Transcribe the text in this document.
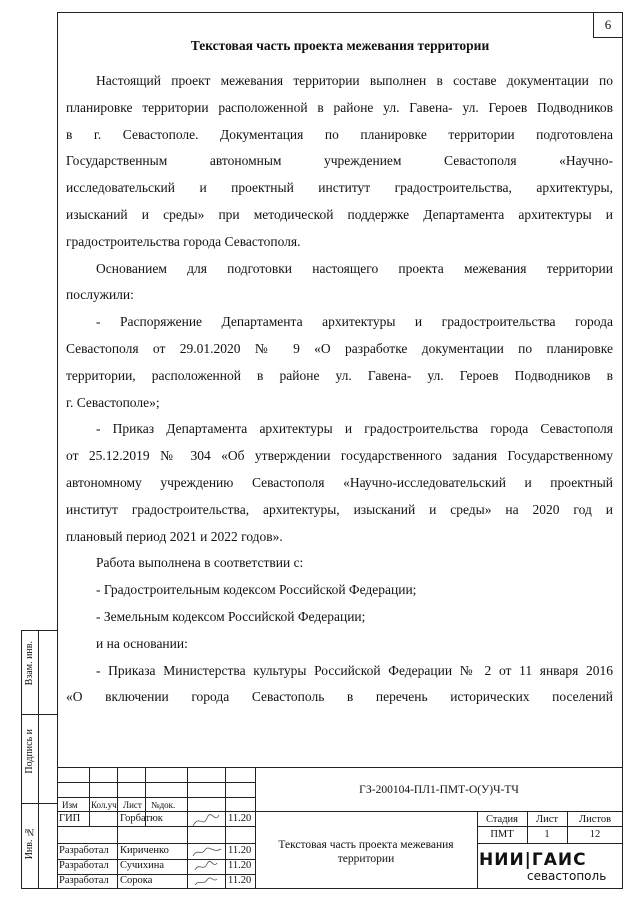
6
Текстовая часть проекта межевания территории
Настоящий проект межевания территории выполнен в составе документации по
планировке территории расположенной в районе ул. Гавена- ул. Героев Подводников
в г. Севастополе. Документация по планировке территории подготовлена
Государственным автономным учреждением Севастополя «Научно-
исследовательский и проектный институт градостроительства, архитектуры,
изысканий и среды» при методической поддержке Департамента архитектуры и
градостроительства города Севастополя.
Основанием для подготовки настоящего проекта межевания территории
послужили:
- Распоряжение Департамента архитектуры и градостроительства города
Севастополя от 29.01.2020 № 9 «О разработке документации по планировке
территории, расположенной в районе ул. Гавена- ул. Героев Подводников в
г. Севастополе»;
- Приказ Департамента архитектуры и градостроительства города Севастополя
от 25.12.2019 № 304 «Об утверждении государственного задания Государственному
автономному учреждению Севастополя «Научно-исследовательский и проектный
институт градостроительства, архитектуры, изысканий и среды» на 2020 год и
плановый период 2021 и 2022 годов».
Работа выполнена в соответствии с:
- Градостроительным кодексом Российской Федерации;
- Земельным кодексом Российской Федерации;
и на основании:
- Приказа Министерства культуры Российской Федерации № 2 от 11 января 2016
«О включении города Севастополь в перечень исторических поселений
Взам. инв.
Подпись и
Инв. №
Изм Кол.уч Лист №док.
ГЗ-200104-ПЛ1-ПМТ-О(У)Ч-ТЧ
ГИП	Горбатюк	11.20
Разработал Кириченко	11.20
Разработал Сучихина	11.20
Разработал Сорока	11.20
Текстовая часть проекта межевания
территории
Стадия	Лист	Листов
ПМТ	1	12
НИИ|ГАИС
севастополь
